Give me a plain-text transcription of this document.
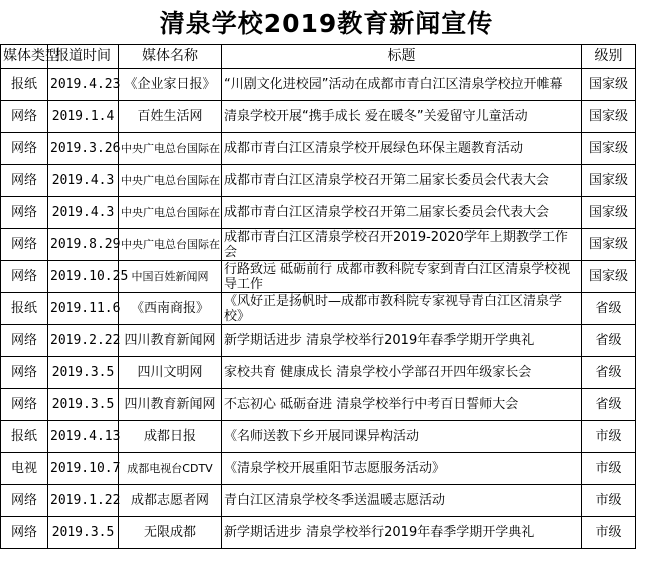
清泉学校2019教育新闻宣传
媒体类型	报道时间	媒体名称	标题	级别	
报纸	2019.4.23	《企业家日报》	“川剧文化进校园”活动在成都市青白江区清泉学校拉开帷幕	国家级	
网络	2019.1.4	百姓生活网	清泉学校开展“携手成长 爱在暖冬”关爱留守儿童活动	国家级	
网络	2019.3.26	中央广电总台国际在	成都市青白江区清泉学校开展绿色环保主题教育活动	国家级	
网络	2019.4.3	中央广电总台国际在	成都市青白江区清泉学校召开第二届家长委员会代表大会	国家级	
网络	2019.4.3	中央广电总台国际在	成都市青白江区清泉学校召开第二届家长委员会代表大会	国家级	
网络	2019.8.29	中央广电总台国际在	成都市青白江区清泉学校召开2019-2020学年上期教学工作会	国家级	
网络	2019.10.25	中国百姓新闻网	行路致远 砥砺前行 成都市教科院专家到青白江区清泉学校视导工作	国家级	
报纸	2019.11.6	《西南商报》	《风好正是扬帆时—成都市教科院专家视导青白江区清泉学校》	省级	
网络	2019.2.22	四川教育新闻网	新学期话进步 清泉学校举行2019年春季学期开学典礼	省级	
网络	2019.3.5	四川文明网	家校共育 健康成长 清泉学校小学部召开四年级家长会	省级	
网络	2019.3.5	四川教育新闻网	不忘初心 砥砺奋进 清泉学校举行中考百日誓师大会	省级	
报纸	2019.4.13	成都日报	《名师送教下乡开展同课异构活动	市级	
电视	2019.10.7	成都电视台CDTV	《清泉学校开展重阳节志愿服务活动》	市级	
网络	2019.1.22	成都志愿者网	青白江区清泉学校冬季送温暖志愿活动	市级	
网络	2019.3.5	无限成都	新学期话进步 清泉学校举行2019年春季学期开学典礼	市级	
